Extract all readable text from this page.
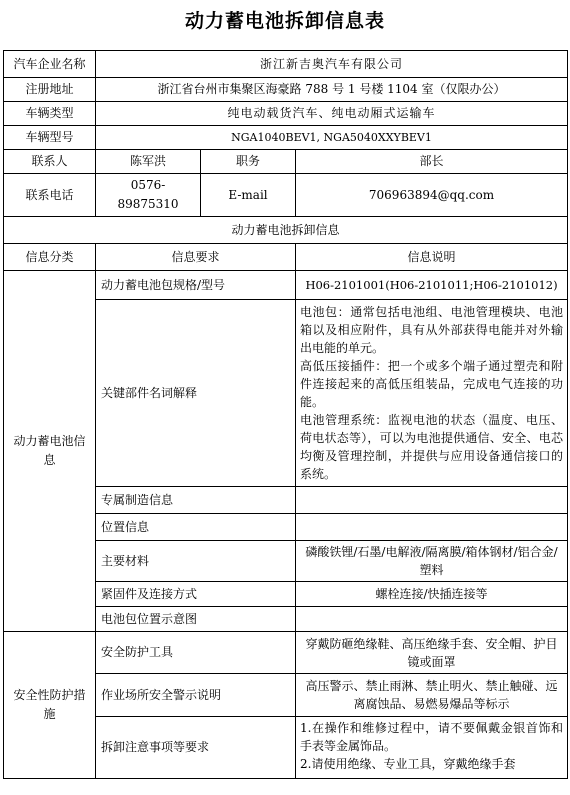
动力蓄电池拆卸信息表
汽车企业名称	浙江新吉奥汽车有限公司		
注册地址	浙江省台州市集聚区海豪路 788 号 1 号楼 1104 室（仅限办公）		
车辆类型	纯电动载货汽车、纯电动厢式运输车		
车辆型号	NGA1040BEV1, NGA5040XXYBEV1		
联系人	陈军洪	职务	部长
联系电话	0576-89875310	E-mail	706963894@qq.com
动力蓄电池拆卸信息			
信息分类	信息要求		信息说明
动力蓄电池信息	动力蓄电池包规格/型号		H06-2101001(H06-2101011;H06-2101012)
	关键部件名词解释		电池包：通常包括电池组、电池管理模块、电池箱以及相应附件，具有从外部获得电能并对外输出电能的单元。

高低压接插件：把一个或多个端子通过塑壳和附件连接起来的高低压组装品，完成电气连接的功能。

电池管理系统：监视电池的状态（温度、电压、荷电状态等），可以为电池提供通信、安全、电芯均衡及管理控制，并提供与应用设备通信接口的系统。

	专属制造信息		
	位置信息		
	主要材料		磷酸铁锂/石墨/电解液/隔离膜/箱体钢材/铝合金/塑料
	紧固件及连接方式		螺栓连接/快插连接等
	电池包位置示意图		

安全性防护措施	安全防护工具		穿戴防砸绝缘鞋、高压绝缘手套、安全帽、护目镜或面罩
	作业场所安全警示说明		高压警示、禁止雨淋、禁止明火、禁止触碰、远离腐蚀品、易燃易爆品等标示
	拆卸注意事项等要求		1.在操作和维修过程中，请不要佩戴金银首饰和手表等金属饰品。

2.请使用绝缘、专业工具，穿戴绝缘手套
